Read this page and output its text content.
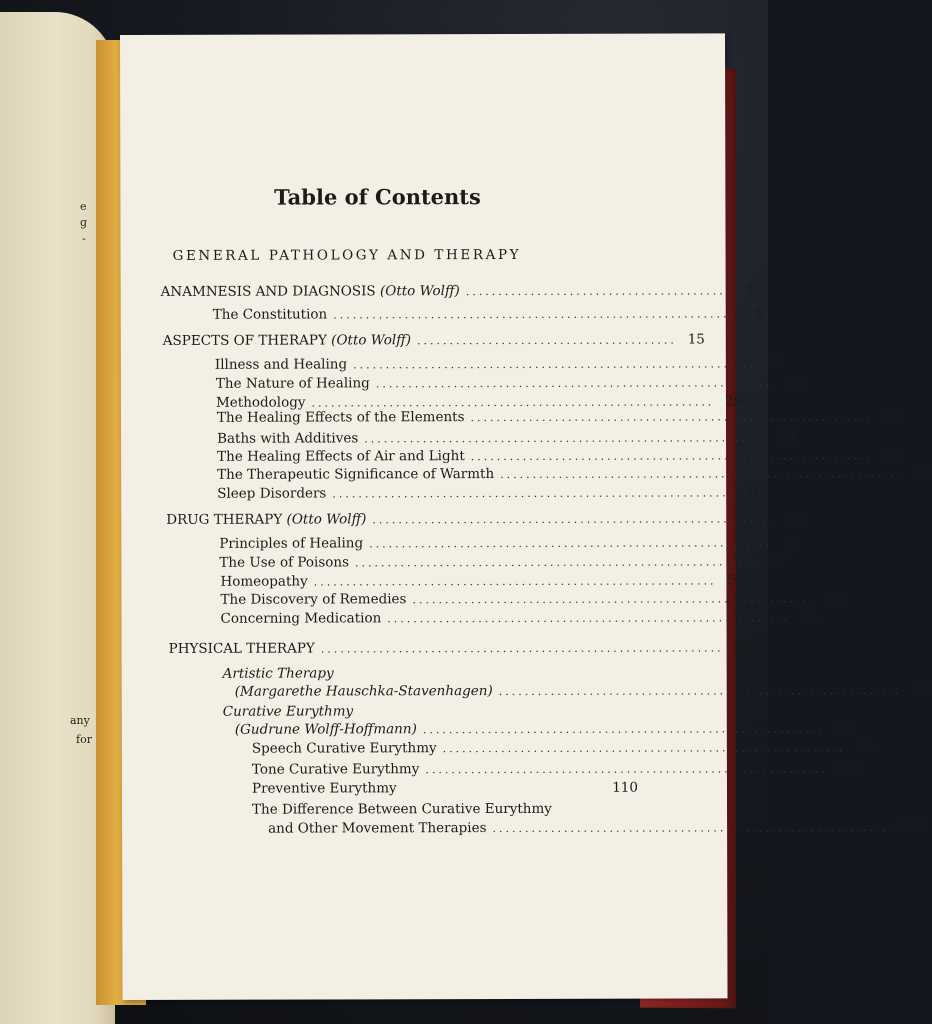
e
g
-
any
for
Table of Contents
GENERAL PATHOLOGY AND THERAPY
ANAMNESIS AND DIAGNOSIS (Otto Wolff) ........................................	3
The Constitution ..............................................................	6
ASPECTS OF THERAPY (Otto Wolff) ........................................ 15
Illness and Healing .............................................................. 16
The Nature of Healing .............................................................. 21
Methodology .............................................................. 29
The Healing Effects of the Elements .............................................................. 36
Baths with Additives .............................................................. 39
The Healing Effects of Air and Light .............................................................. 41
The Therapeutic Significance of Warmth .............................................................. 42
Sleep Disorders .............................................................. 46
DRUG THERAPY (Otto Wolff) .............................................................. 50
Principles of Healing .............................................................. 54
The Use of Poisons .............................................................. 57
Homeopathy .............................................................. 59
The Discovery of Remedies .............................................................. 63
Concerning Medication .............................................................. 74
PHYSICAL THERAPY .............................................................. 80
Artistic Therapy
(Margarethe Hauschka-Stavenhagen) .............................................................. 80
Curative Eurythmy
(Gudrune Wolff-Hoffmann) .............................................................. 85
Speech Curative Eurythmy .............................................................. 85
Tone Curative Eurythmy .............................................................. 109
Preventive Eurythmy	110
The Difference Between Curative Eurythmy
and Other Movement Therapies .............................................................. 110
